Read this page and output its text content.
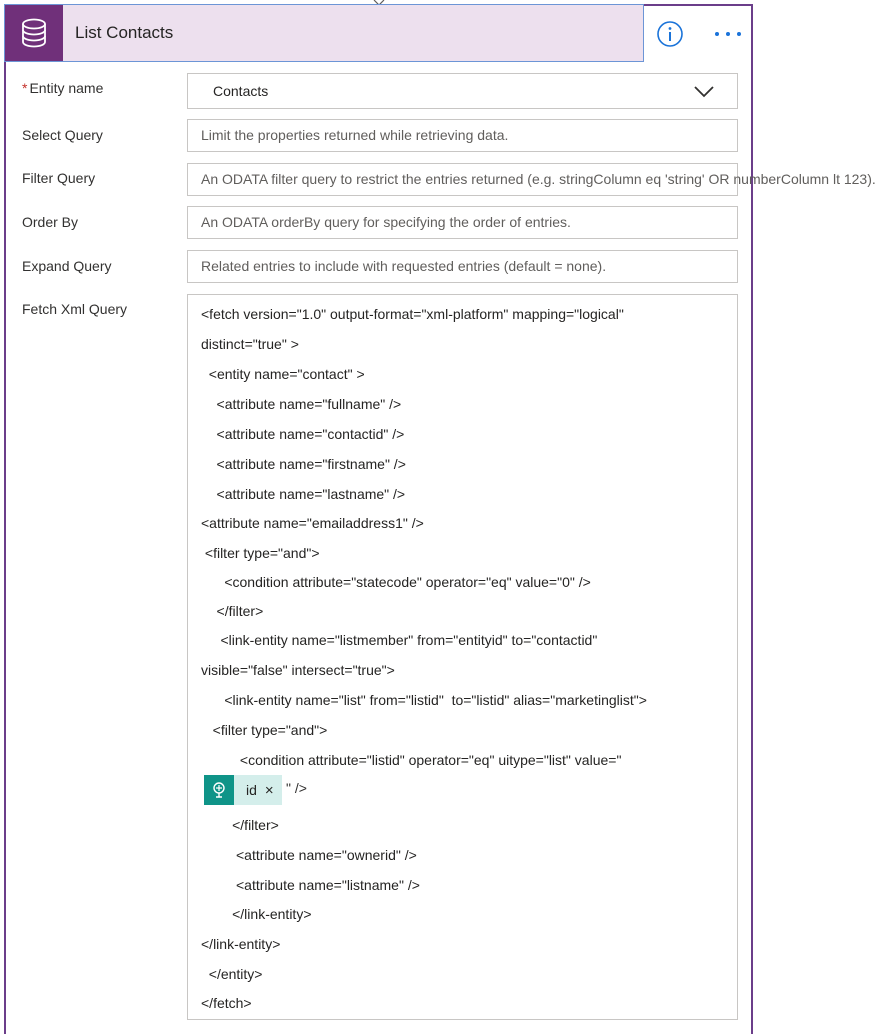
List Contacts
* Entity name	Contacts
Select Query	Limit the properties returned while retrieving data.
Filter Query	An ODATA filter query to restrict the entries returned (e.g. stringColumn eq 'string' OR numberColumn lt 123).
Order By	An ODATA orderBy query for specifying the order of entries.
Expand Query	Related entries to include with requested entries (default = none).
Fetch Xml Query	<fetch version="1.0" output-format="xml-platform" mapping="logical"
distinct="true" >
<entity name="contact" >
<attribute name="fullname" />
<attribute name="contactid" />
<attribute name="firstname" />
<attribute name="lastname" />
<attribute name="emailaddress1" />
<filter type="and">
<condition attribute="statecode" operator="eq" value="0" />
</filter>
<link-entity name="listmember" from="entityid" to="contactid"
visible="false" intersect="true">
<link-entity name="list" from="listid"  to="listid" alias="marketinglist">
<filter type="and">
<condition attribute="listid" operator="eq" uitype="list" value="
id × " />
</filter>
<attribute name="ownerid" />
<attribute name="listname" />
</link-entity>
</link-entity>
</entity>
</fetch>
